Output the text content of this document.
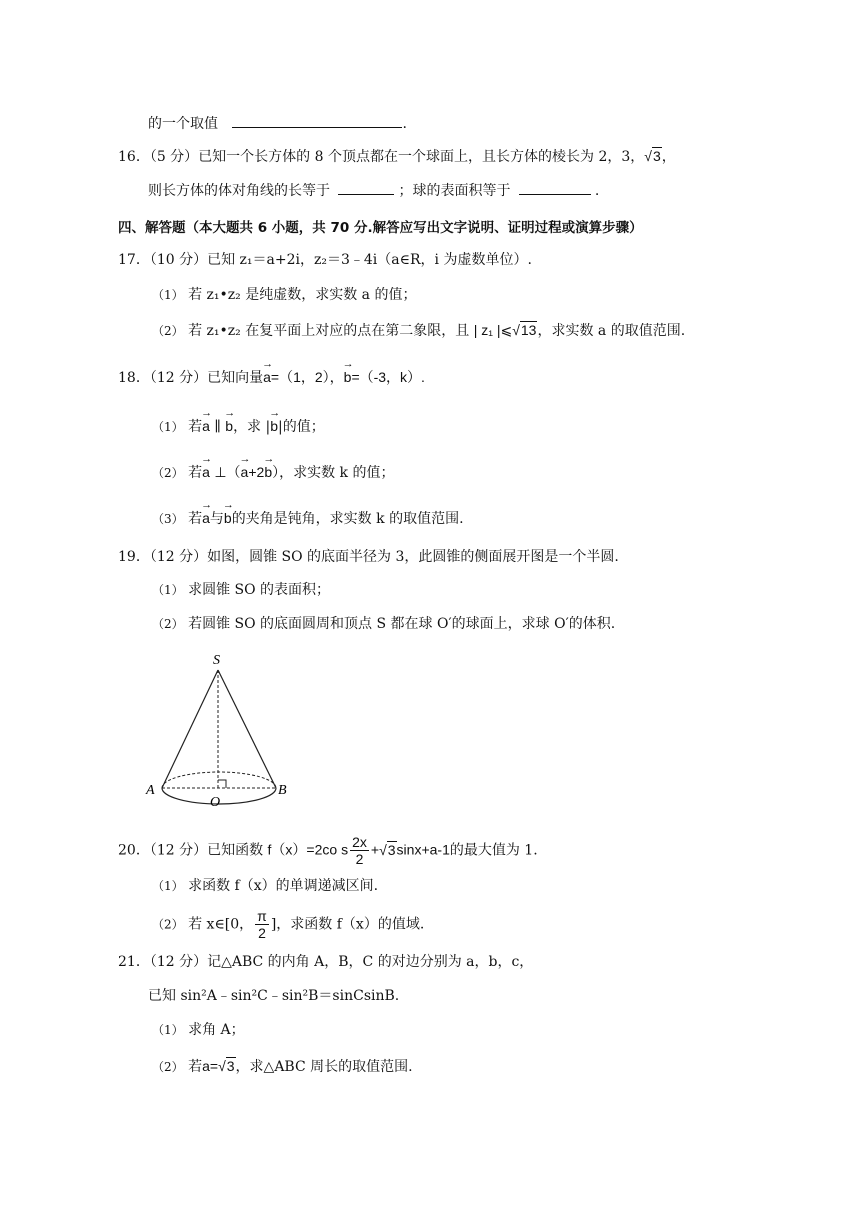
的一个取值	.
16．（5 分）已知一个长方体的 8 个顶点都在一个球面上，且长方体的棱长为 2，3，√3，
则长方体的体对角线的长等于	；球的表面积等于	.
四、解答题（本大题共 6 小题，共 70 分.解答应写出文字说明、证明过程或演算步骤）
17．（10 分）已知 z₁＝a+2i，z₂＝3﹣4i（a∈R，i 为虚数单位）.
（1） 若 z₁•z₂ 是纯虚数，求实数 a 的值；
（2） 若 z₁•z₂ 在复平面上对应的点在第二象限，且 | z₁ |⩽√13，求实数 a 的取值范围.
18．（12 分）已知向量→ a=（1，2），→ b=（-3，k）.
（1） 若→ a ∥ → b，求 |→ b|的值；
（2） 若→ a ⊥（→ a+2→ b），求实数 k 的值；
（3） 若→ a与→ b的夹角是钝角，求实数 k 的取值范围.
19．（12 分）如图，圆锥 SO 的底面半径为 3，此圆锥的侧面展开图是一个半圆.
（1） 求圆锥 SO 的表面积；
（2） 若圆锥 SO 的底面圆周和顶点 S 都在球 O′的球面上，求球 O′的体积.
S
A	B
O
20．（12 分）已知函数 f（x）=2co s $\frac{2x}{2} +√3\sin x+a-1$的最大值为 1.
（1） 求函数 f（x）的单调递减区间.
（2） 若 x∈[0， $\frac{\pi}{2}$ ]，求函数 f（x）的值域.
21．（12 分）记△ABC 的内角 A，B，C 的对边分别为 a，b，c，
已知 sin²A﹣sin²C﹣sin²B＝sinCsinB.
（1） 求角 A；
（2） 若a=√3，求△ABC 周长的取值范围.
